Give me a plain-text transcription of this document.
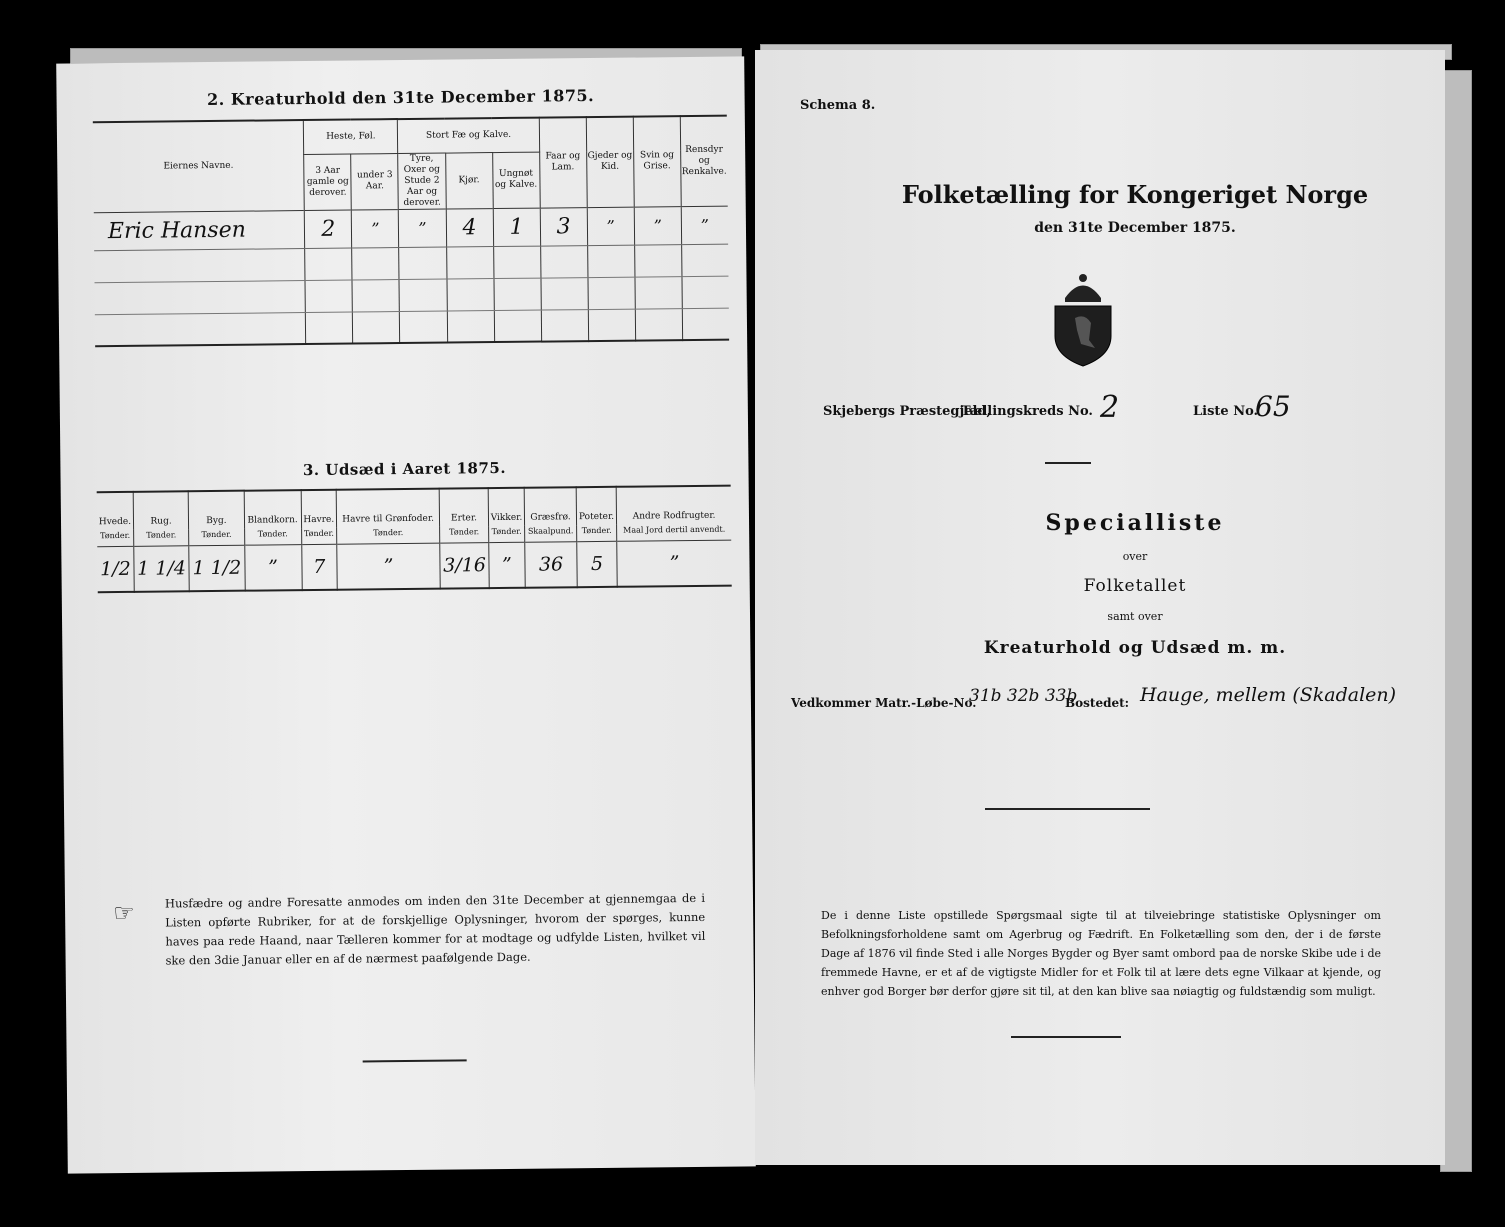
2. Kreaturhold den 31te December 1875.
Eiernes Navne.	Heste, Føl.		Stort Fæ og Kalve.			Faar og Lam.	Gjeder og Kid.	Svin og Grise.	Rensdyr og Renkalve.
	3 Aar gamle og derover.	under 3 Aar.	Tyre, Oxer og Stude 2 Aar og derover.	Kjør.	Ungnøt og Kalve.				
Eric Hansen	2	”	”	4	1	3	”	”	”

3. Udsæd i Aaret 1875.
Hvede.	Rug.	Byg.	Blandkorn.	Havre.	Havre til Grønfoder.	Erter.	Vikker.	Græsfrø.	Poteter.	Andre Rodfrugter.
Tønder.	Tønder.	Tønder.	Tønder.	Tønder.	Tønder.	Tønder.	Tønder.	Skaalpund.	Tønder.	Maal Jord dertil anvendt.
1/2	1 1/4	1 1/2	”	7	”	3/16	”	36	5	”
☞	Husfædre og andre Foresatte anmodes om inden den 31te December at gjennemgaa de i Listen opførte Rubriker, for at de forskjellige Oplysninger, hvorom der spørges, kunne haves paa rede Haand, naar Tælleren kommer for at modtage og udfylde Listen, hvilket vil ske den 3die Januar eller en af de nærmest paafølgende Dage.
Schema 8.
Folketælling for Kongeriget Norge
den 31te December 1875.
Skjebergs Præstegjeld,
Tællingskreds No. 2	Liste No.
65
Specialliste
over
Folketallet
samt over
Kreaturhold og Udsæd m. m.
Vedkommer Matr.-Løbe-No.
31b 32b 33b
Bostedet: Hauge, mellem (Skadalen)
De i denne Liste opstillede Spørgsmaal sigte til at tilveiebringe statistiske Oplysninger om Befolkningsforholdene samt om Agerbrug og Fædrift. En Folketælling som den, der i de første Dage af 1876 vil finde Sted i alle Norges Bygder og Byer samt ombord paa de norske Skibe ude i de fremmede Havne, er et af de vigtigste Midler for et Folk til at lære dets egne Vilkaar at kjende, og enhver god Borger bør derfor gjøre sit til, at den kan blive saa nøiagtig og fuldstændig som muligt.
